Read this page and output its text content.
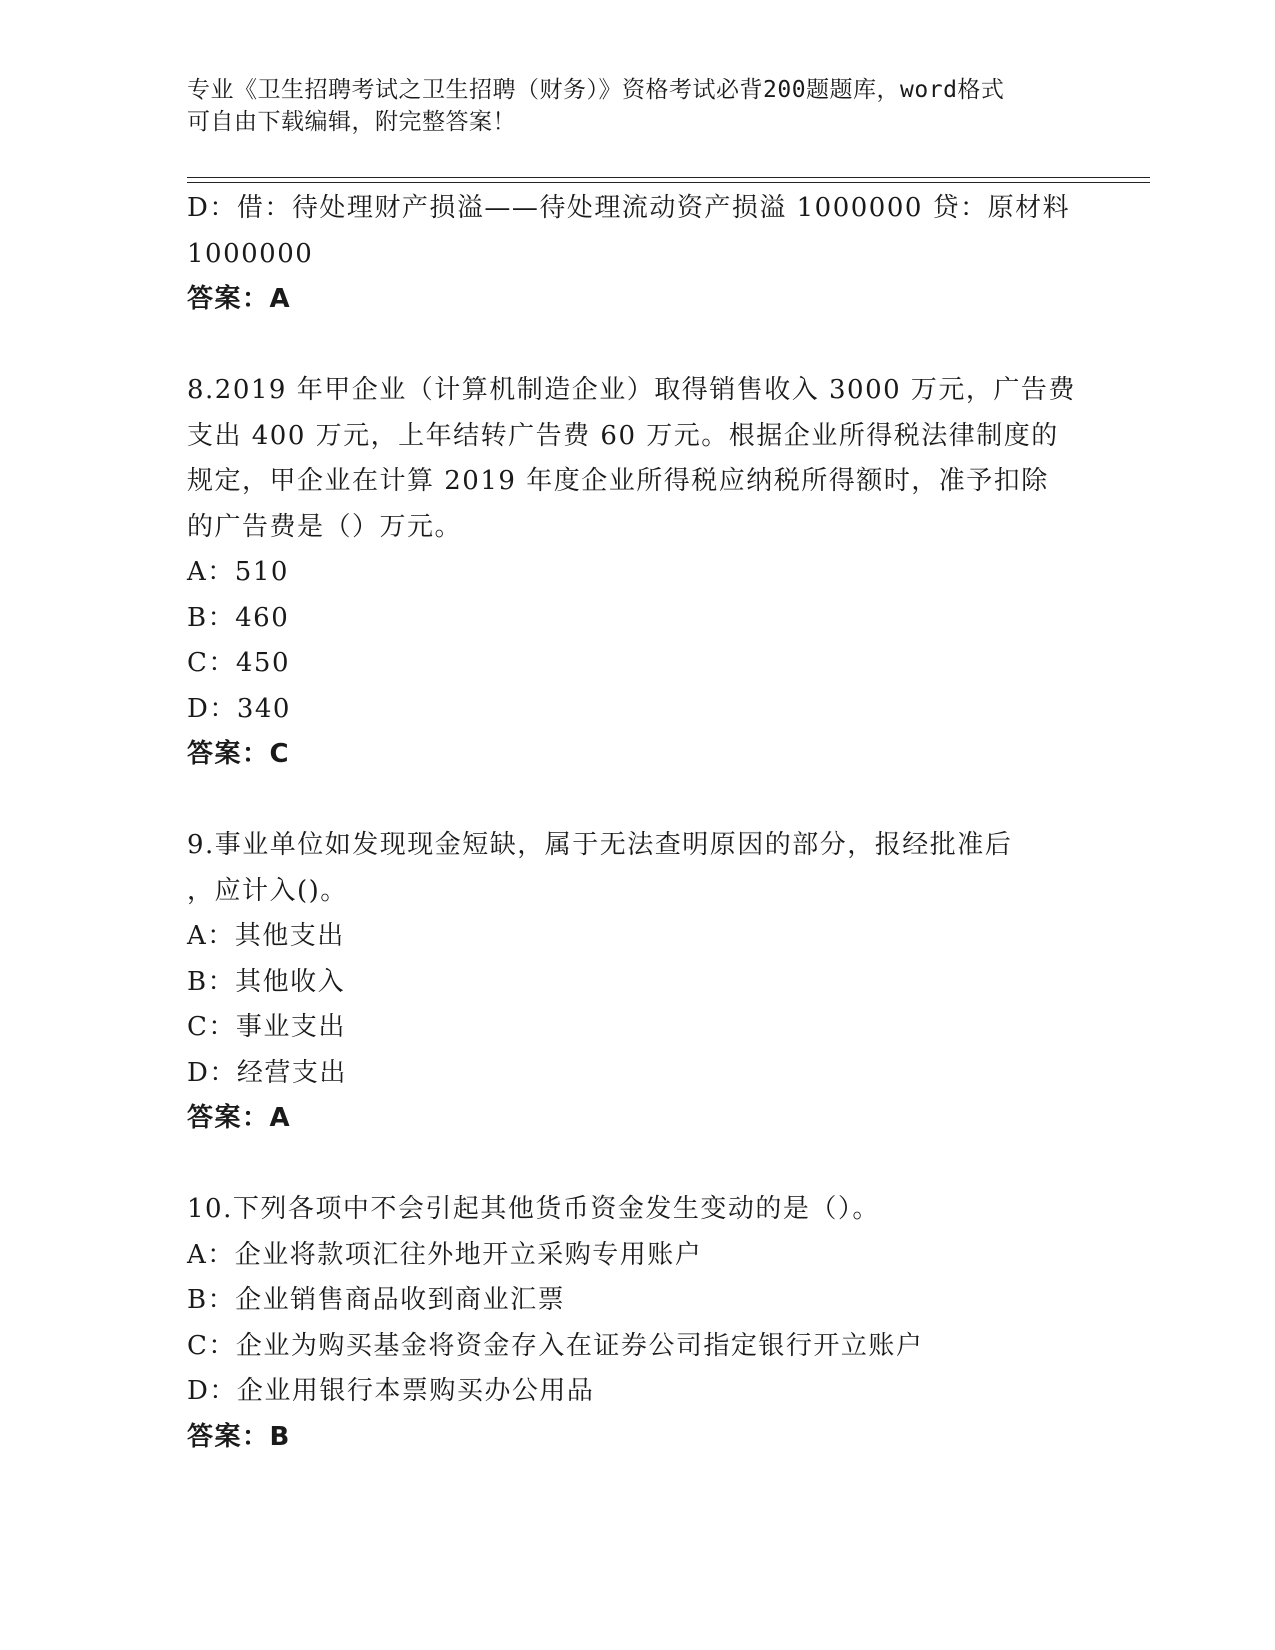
专业《卫生招聘考试之卫生招聘（财务）》资格考试必背200题题库，word格式
可自由下载编辑，附完整答案！
D：借：待处理财产损溢——待处理流动资产损溢 1000000 贷：原材料
1000000
答案：A
8.2019 年甲企业（计算机制造企业）取得销售收入 3000 万元，广告费
支出 400 万元，上年结转广告费 60 万元。根据企业所得税法律制度的
规定，甲企业在计算 2019 年度企业所得税应纳税所得额时，准予扣除
的广告费是（）万元。
A：510
B：460
C：450
D：340
答案：C
9.事业单位如发现现金短缺，属于无法查明原因的部分，报经批准后
，应计入()。
A：其他支出
B：其他收入
C：事业支出
D：经营支出
答案：A
10.下列各项中不会引起其他货币资金发生变动的是（）。
A：企业将款项汇往外地开立采购专用账户
B：企业销售商品收到商业汇票
C：企业为购买基金将资金存入在证券公司指定银行开立账户
D：企业用银行本票购买办公用品
答案：B
